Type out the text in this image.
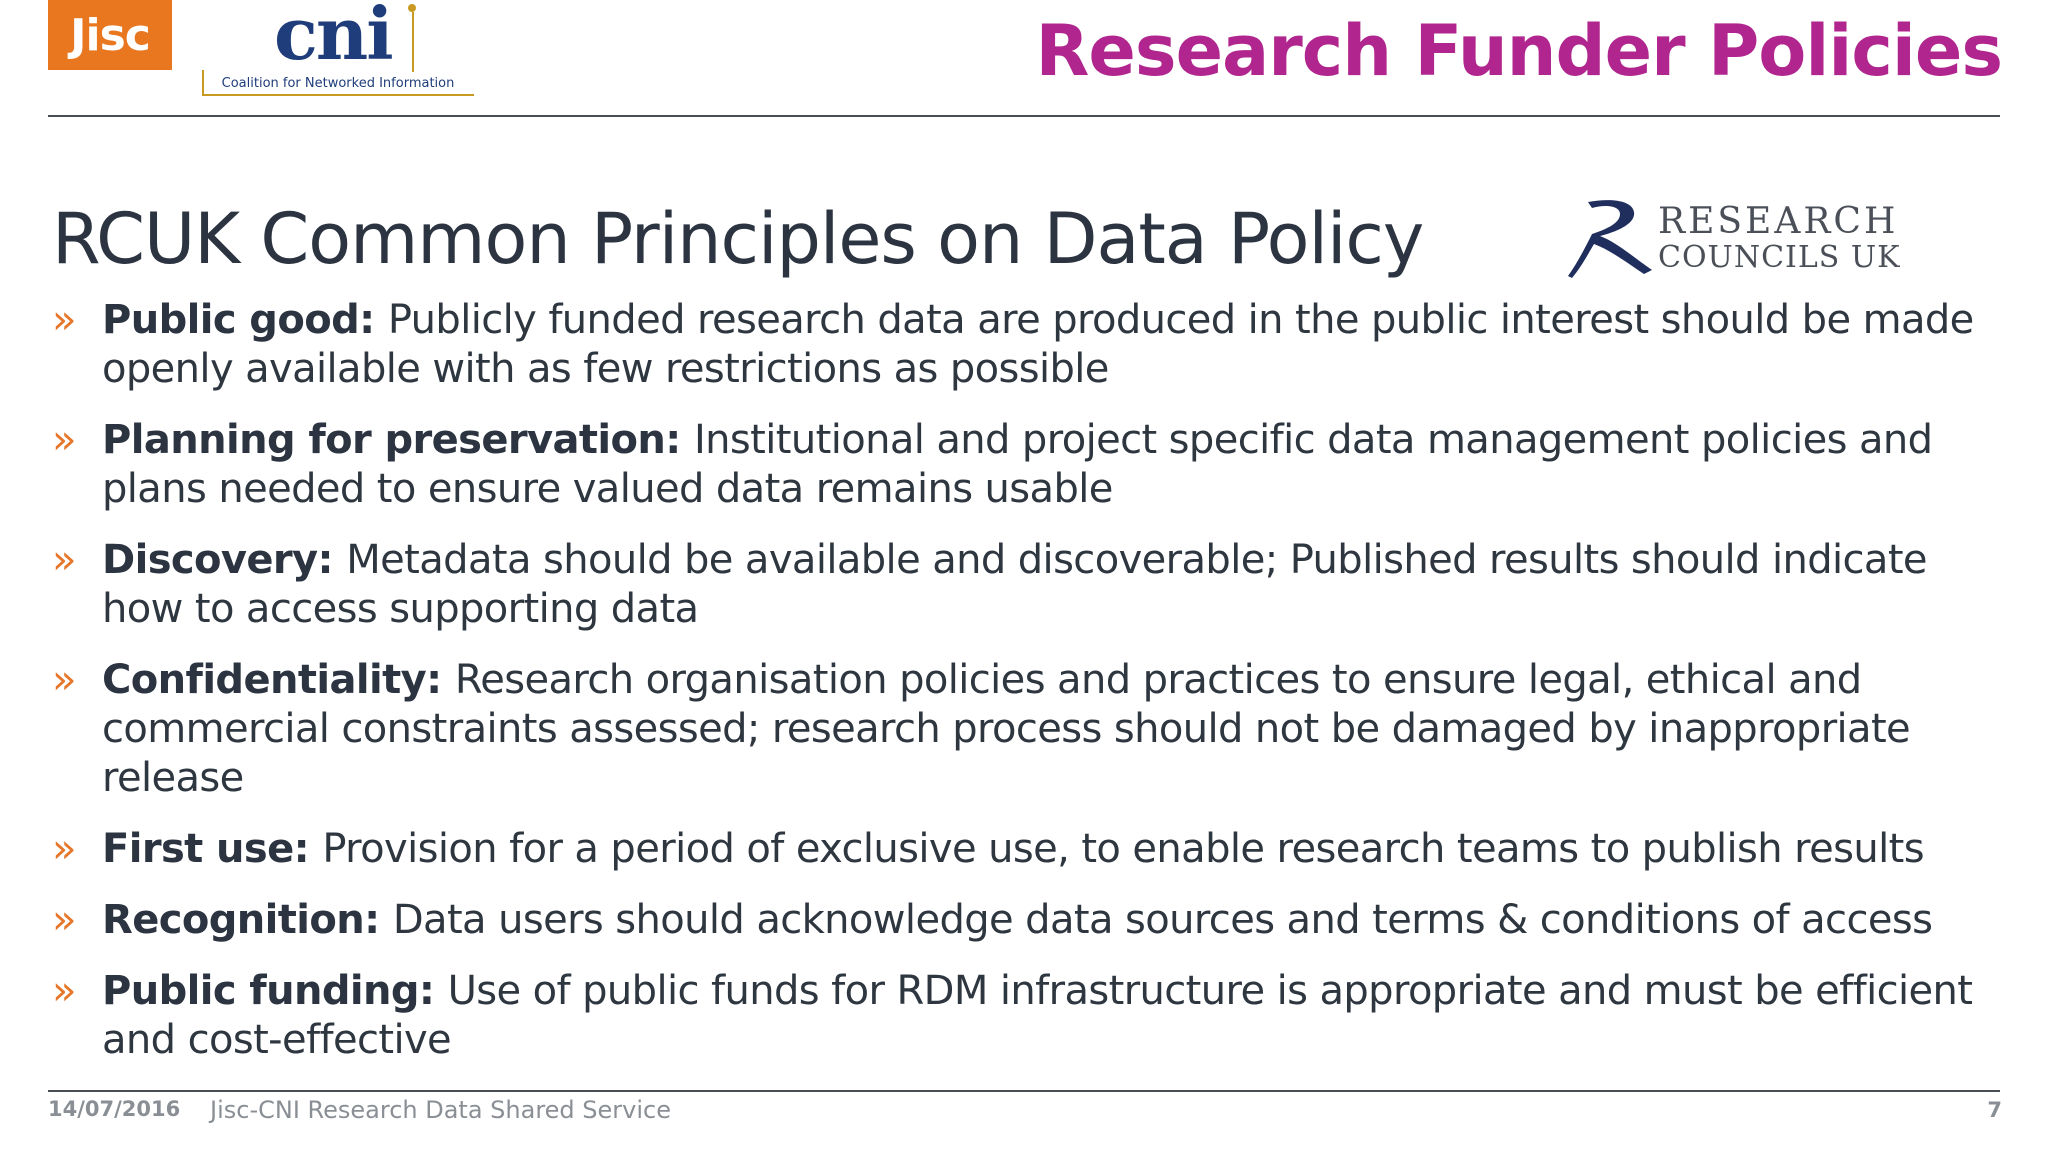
Jisc cni
Coalition for Networked Information	Research Funder Policies
RCUK Common Principles on Data Policy	RESEARCH
COUNCILS UK
» Public good: Publicly funded research data are produced in the public interest should be made openly available with as few restrictions as possible
» Planning for preservation: Institutional and project specific data management policies and plans needed to ensure valued data remains usable
» Discovery: Metadata should be available and discoverable; Published results should indicate how to access supporting data
» Confidentiality: Research organisation policies and practices to ensure legal, ethical and commercial constraints assessed; research process should not be damaged by inappropriate release
» First use: Provision for a period of exclusive use, to enable research teams to publish results
» Recognition: Data users should acknowledge data sources and terms & conditions of access
» Public funding: Use of public funds for RDM infrastructure is appropriate and must be efficient and cost-effective
14/07/2016 Jisc-CNI Research Data Shared Service	7
